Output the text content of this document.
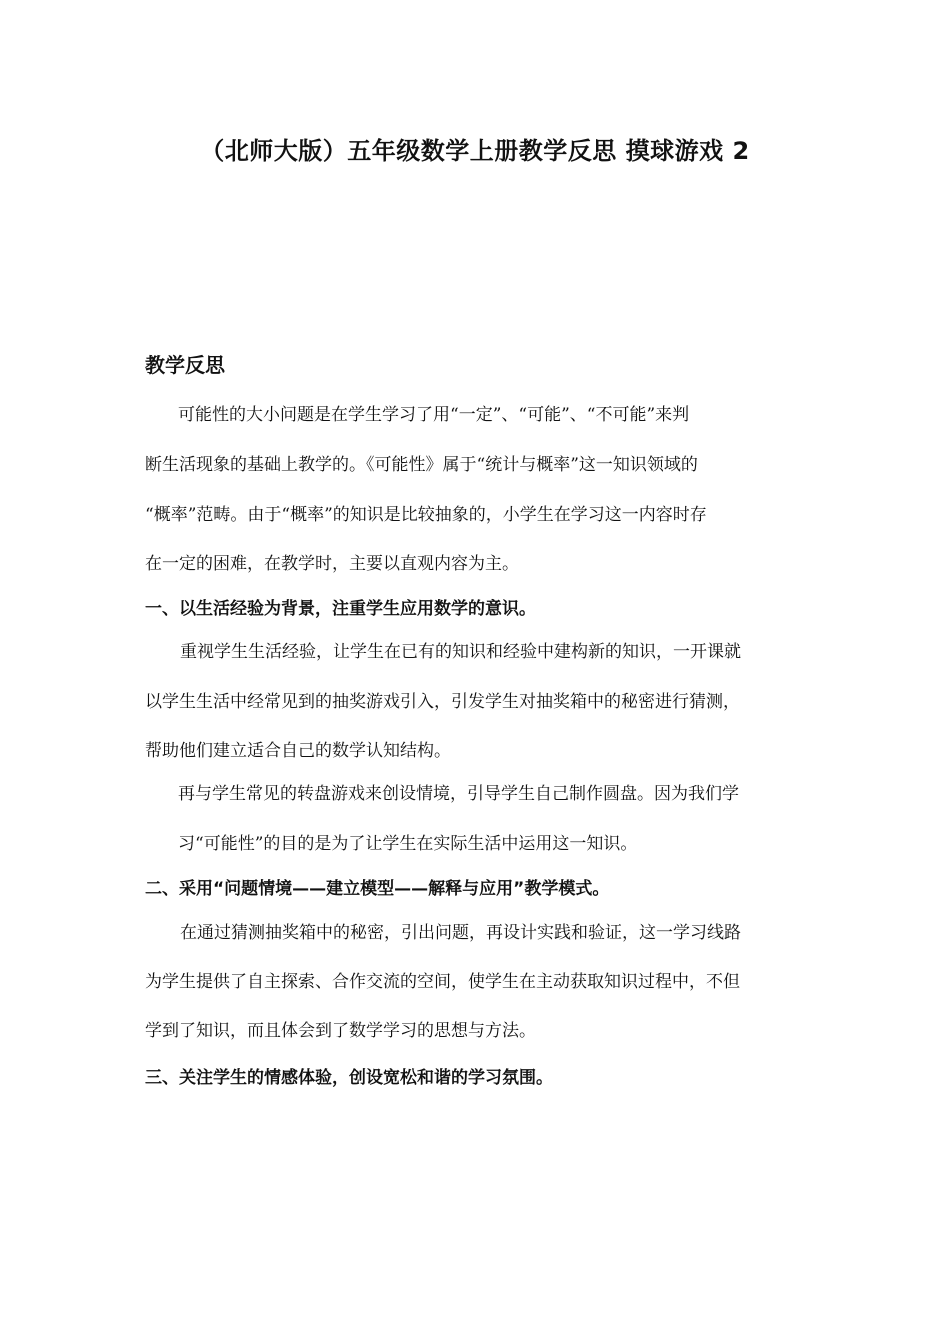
（北师大版）五年级数学上册教学反思 摸球游戏 2
教学反思
可能性的大小问题是在学生学习了用“一定”、“可能”、“不可能”来判
断生活现象的基础上教学的。《可能性》属于“统计与概率”这一知识领域的
“概率”范畴。由于“概率”的知识是比较抽象的，小学生在学习这一内容时存
在一定的困难，在教学时，主要以直观内容为主。
一、以生活经验为背景，注重学生应用数学的意识。
重视学生生活经验，让学生在已有的知识和经验中建构新的知识，一开课就
以学生生活中经常见到的抽奖游戏引入，引发学生对抽奖箱中的秘密进行猜测，
帮助他们建立适合自己的数学认知结构。
再与学生常见的转盘游戏来创设情境，引导学生自己制作圆盘。因为我们学
习“可能性”的目的是为了让学生在实际生活中运用这一知识。
二、采用“问题情境——建立模型——解释与应用”教学模式。
在通过猜测抽奖箱中的秘密，引出问题，再设计实践和验证，这一学习线路
为学生提供了自主探索、合作交流的空间，使学生在主动获取知识过程中，不但
学到了知识，而且体会到了数学学习的思想与方法。
三、关注学生的情感体验，创设宽松和谐的学习氛围。
